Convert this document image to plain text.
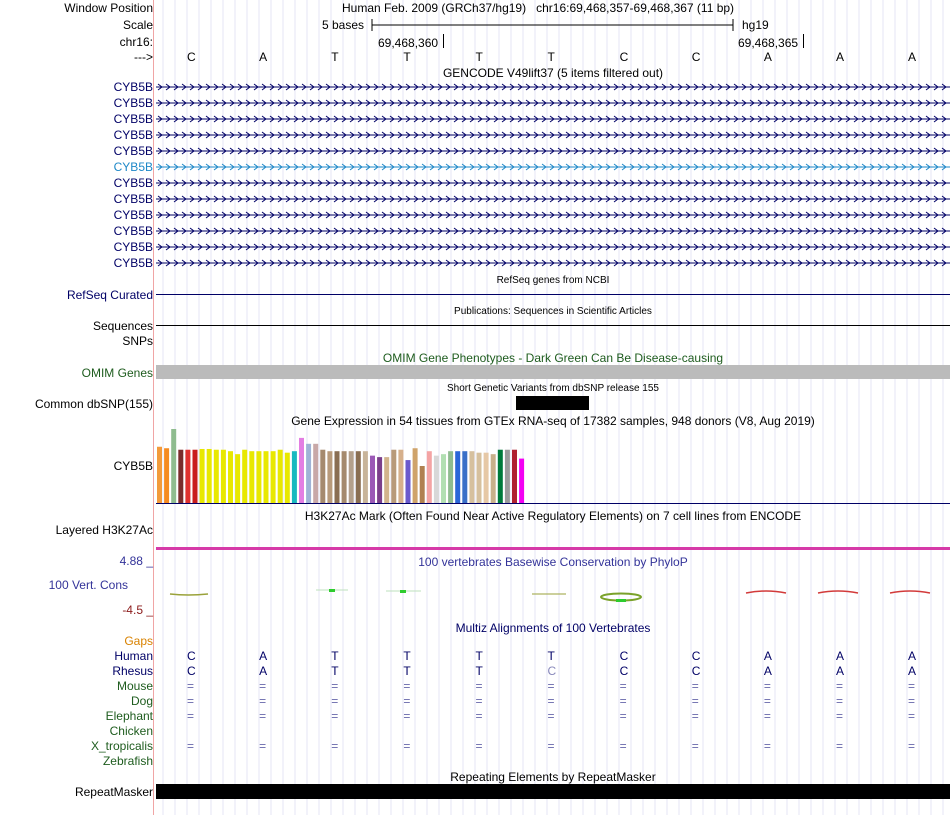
Window Position	Human Feb. 2009 (GRCh37/hg19) chr16:69,468,357-69,468,367 (11 bp)
Scale	5 bases	hg19
chr16:	69,468,360	69,468,365
--->	C	A	T	T	T	T	C	C	A	A	A
GENCODE V49lift37 (5 items filtered out)
CYB5B
CYB5B
CYB5B
CYB5B
CYB5B
CYB5B
CYB5B
CYB5B
CYB5B
CYB5B
CYB5B
CYB5B
RefSeq genes from NCBI
RefSeq Curated
Publications: Sequences in Scientific Articles
Sequences
SNPs
OMIM Gene Phenotypes - Dark Green Can Be Disease-causing
OMIM Genes
Short Genetic Variants from dbSNP release 155
Common dbSNP(155)
Gene Expression in 54 tissues from GTEx RNA-seq of 17382 samples, 948 donors (V8, Aug 2019)
CYB5B
H3K27Ac Mark (Often Found Near Active Regulatory Elements) on 7 cell lines from ENCODE
Layered H3K27Ac
100 vertebrates Basewise Conservation by PhyloP
4.88 _
100 Vert. Cons
-4.5 _
Multiz Alignments of 100 Vertebrates
Gaps
Human	C	A	T	T	T	T	C	C	A	A	A
Rhesus	C	A	T	T	T	C	C	C	A	A	A
Mouse	=	=	=	=	=	=	=	=	=	=	=
Dog	=	=	=	=	=	=	=	=	=	=	=
Elephant	=	=	=	=	=	=	=	=	=	=	=
Chicken
X_tropicalis	=	=	=	=	=	=	=	=	=	=	=
Zebrafish
Repeating Elements by RepeatMasker
RepeatMasker
